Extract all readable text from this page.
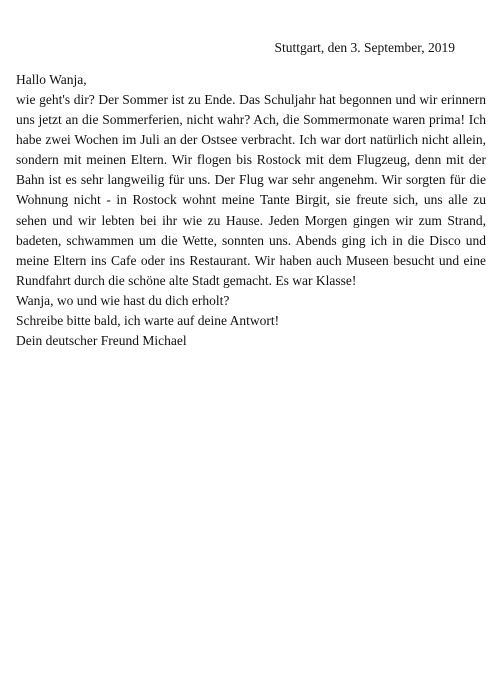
Stuttgart, den 3. September, 2019
Hallo Wanja,

wie geht's dir? Der Sommer ist zu Ende. Das Schuljahr hat begonnen und wir erinnern uns jetzt an die Sommerferien, nicht wahr? Ach, die Sommermonate waren prima! Ich habe zwei Wochen im Juli an der Ostsee verbracht. Ich war dort natürlich nicht allein, sondern mit meinen Eltern. Wir flogen bis Rostock mit dem Flugzeug, denn mit der Bahn ist es sehr langweilig für uns. Der Flug war sehr angenehm. Wir sorgten für die Wohnung nicht - in Rostock wohnt meine Tante Birgit, sie freute sich, uns alle zu sehen und wir lebten bei ihr wie zu Hause. Jeden Morgen gingen wir zum Strand, badeten, schwammen um die Wette, sonnten uns. Abends ging ich in die Disco und meine Eltern ins Cafe oder ins Restaurant. Wir haben auch Museen besucht und eine Rundfahrt durch die schöne alte Stadt gemacht. Es war Klasse!

Wanja, wo und wie hast du dich erholt?
Schreibe bitte bald, ich warte auf deine Antwort!
Dein deutscher Freund Michael
